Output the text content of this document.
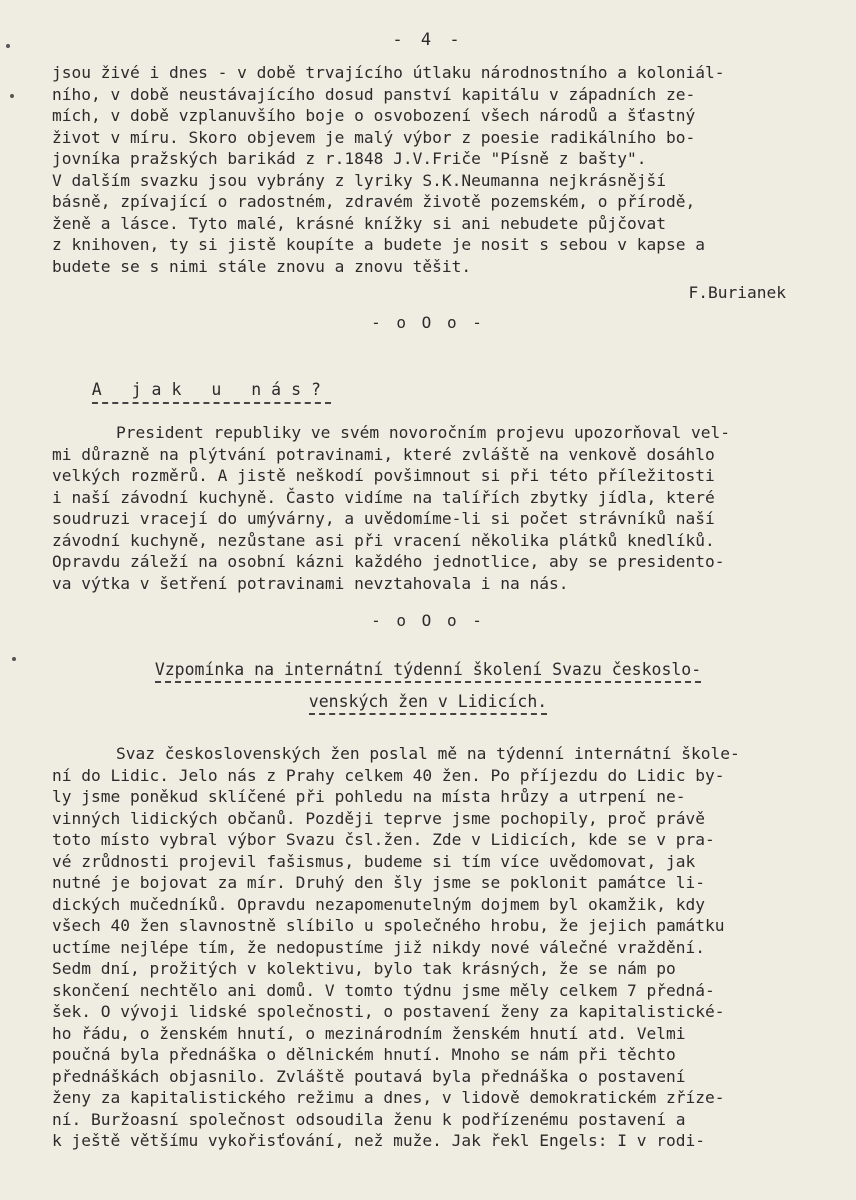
- 4 -
jsou živé i dnes - v době trvajícího útlaku národnostního a koloniál-
ního, v době neustávajícího dosud panství kapitálu v západních ze-
mích, v době vzplanuvšího boje o osvobození všech národů a šťastný
život v míru. Skoro objevem je malý výbor z poesie radikálního bo-
jovníka pražských barikád z r.1848 J.V.Friče "Písně z bašty".
V dalším svazku jsou vybrány z lyriky S.K.Neumanna nejkrásnější
básně, zpívající o radostném, zdravém životě pozemském, o přírodě,
ženě a lásce. Tyto malé, krásné knížky si ani nebudete půjčovat
z knihoven, ty si jistě koupíte a budete je nosit s sebou v kapse a
budete se s nimi stále znovu a znovu těšit.
F.Burianek
- o O o -

A jak u nás?

President republiky ve svém novoročním projevu upozorňoval vel-
mi důrazně na plýtvání potravinami, které zvláště na venkově dosáhlo
velkých rozměrů. A jistě neškodí povšimnout si při této příležitosti
i naší závodní kuchyně. Často vidíme na talířích zbytky jídla, které
soudruzi vracejí do umývárny, a uvědomíme-li si počet strávníků naší
závodní kuchyně, nezůstane asi při vracení několika plátků knedlíků.
Opravdu záleží na osobní kázni každého jednotlice, aby se presidento-
va výtka v šetření potravinami nevztahovala i na nás.
- o O o -
Vzpomínka na internátní týdenní školení Svazu českoslo-
venských žen v Lidicích.
Svaz československých žen poslal mě na týdenní internátní škole-
ní do Lidic. Jelo nás z Prahy celkem 40 žen. Po příjezdu do Lidic by-
ly jsme poněkud sklíčené při pohledu na místa hrůzy a utrpení ne-
vinných lidických občanů. Později teprve jsme pochopily, proč právě
toto místo vybral výbor Svazu čsl.žen. Zde v Lidicích, kde se v pra-
vé zrůdnosti projevil fašismus, budeme si tím více uvědomovat, jak
nutné je bojovat za mír. Druhý den šly jsme se poklonit památce li-
dických mučedníků. Opravdu nezapomenutelným dojmem byl okamžik, kdy
všech 40 žen slavnostně slíbilo u společného hrobu, že jejich památku
uctíme nejlépe tím, že nedopustíme již nikdy nové válečné vraždění.
Sedm dní, prožitých v kolektivu, bylo tak krásných, že se nám po
skončení nechtělo ani domů. V tomto týdnu jsme měly celkem 7 předná-
šek. O vývoji lidské společnosti, o postavení ženy za kapitalistické-
ho řádu, o ženském hnutí, o mezinárodním ženském hnutí atd. Velmi
poučná byla přednáška o dělnickém hnutí. Mnoho se nám při těchto
přednáškách objasnilo. Zvláště poutavá byla přednáška o postavení
ženy za kapitalistického režimu a dnes, v lidově demokratickém zříze-
ní. Buržoasní společnost odsoudila ženu k podřízenému postavení a
k ještě většímu vykořisťování, než muže. Jak řekl Engels: I v rodi-
